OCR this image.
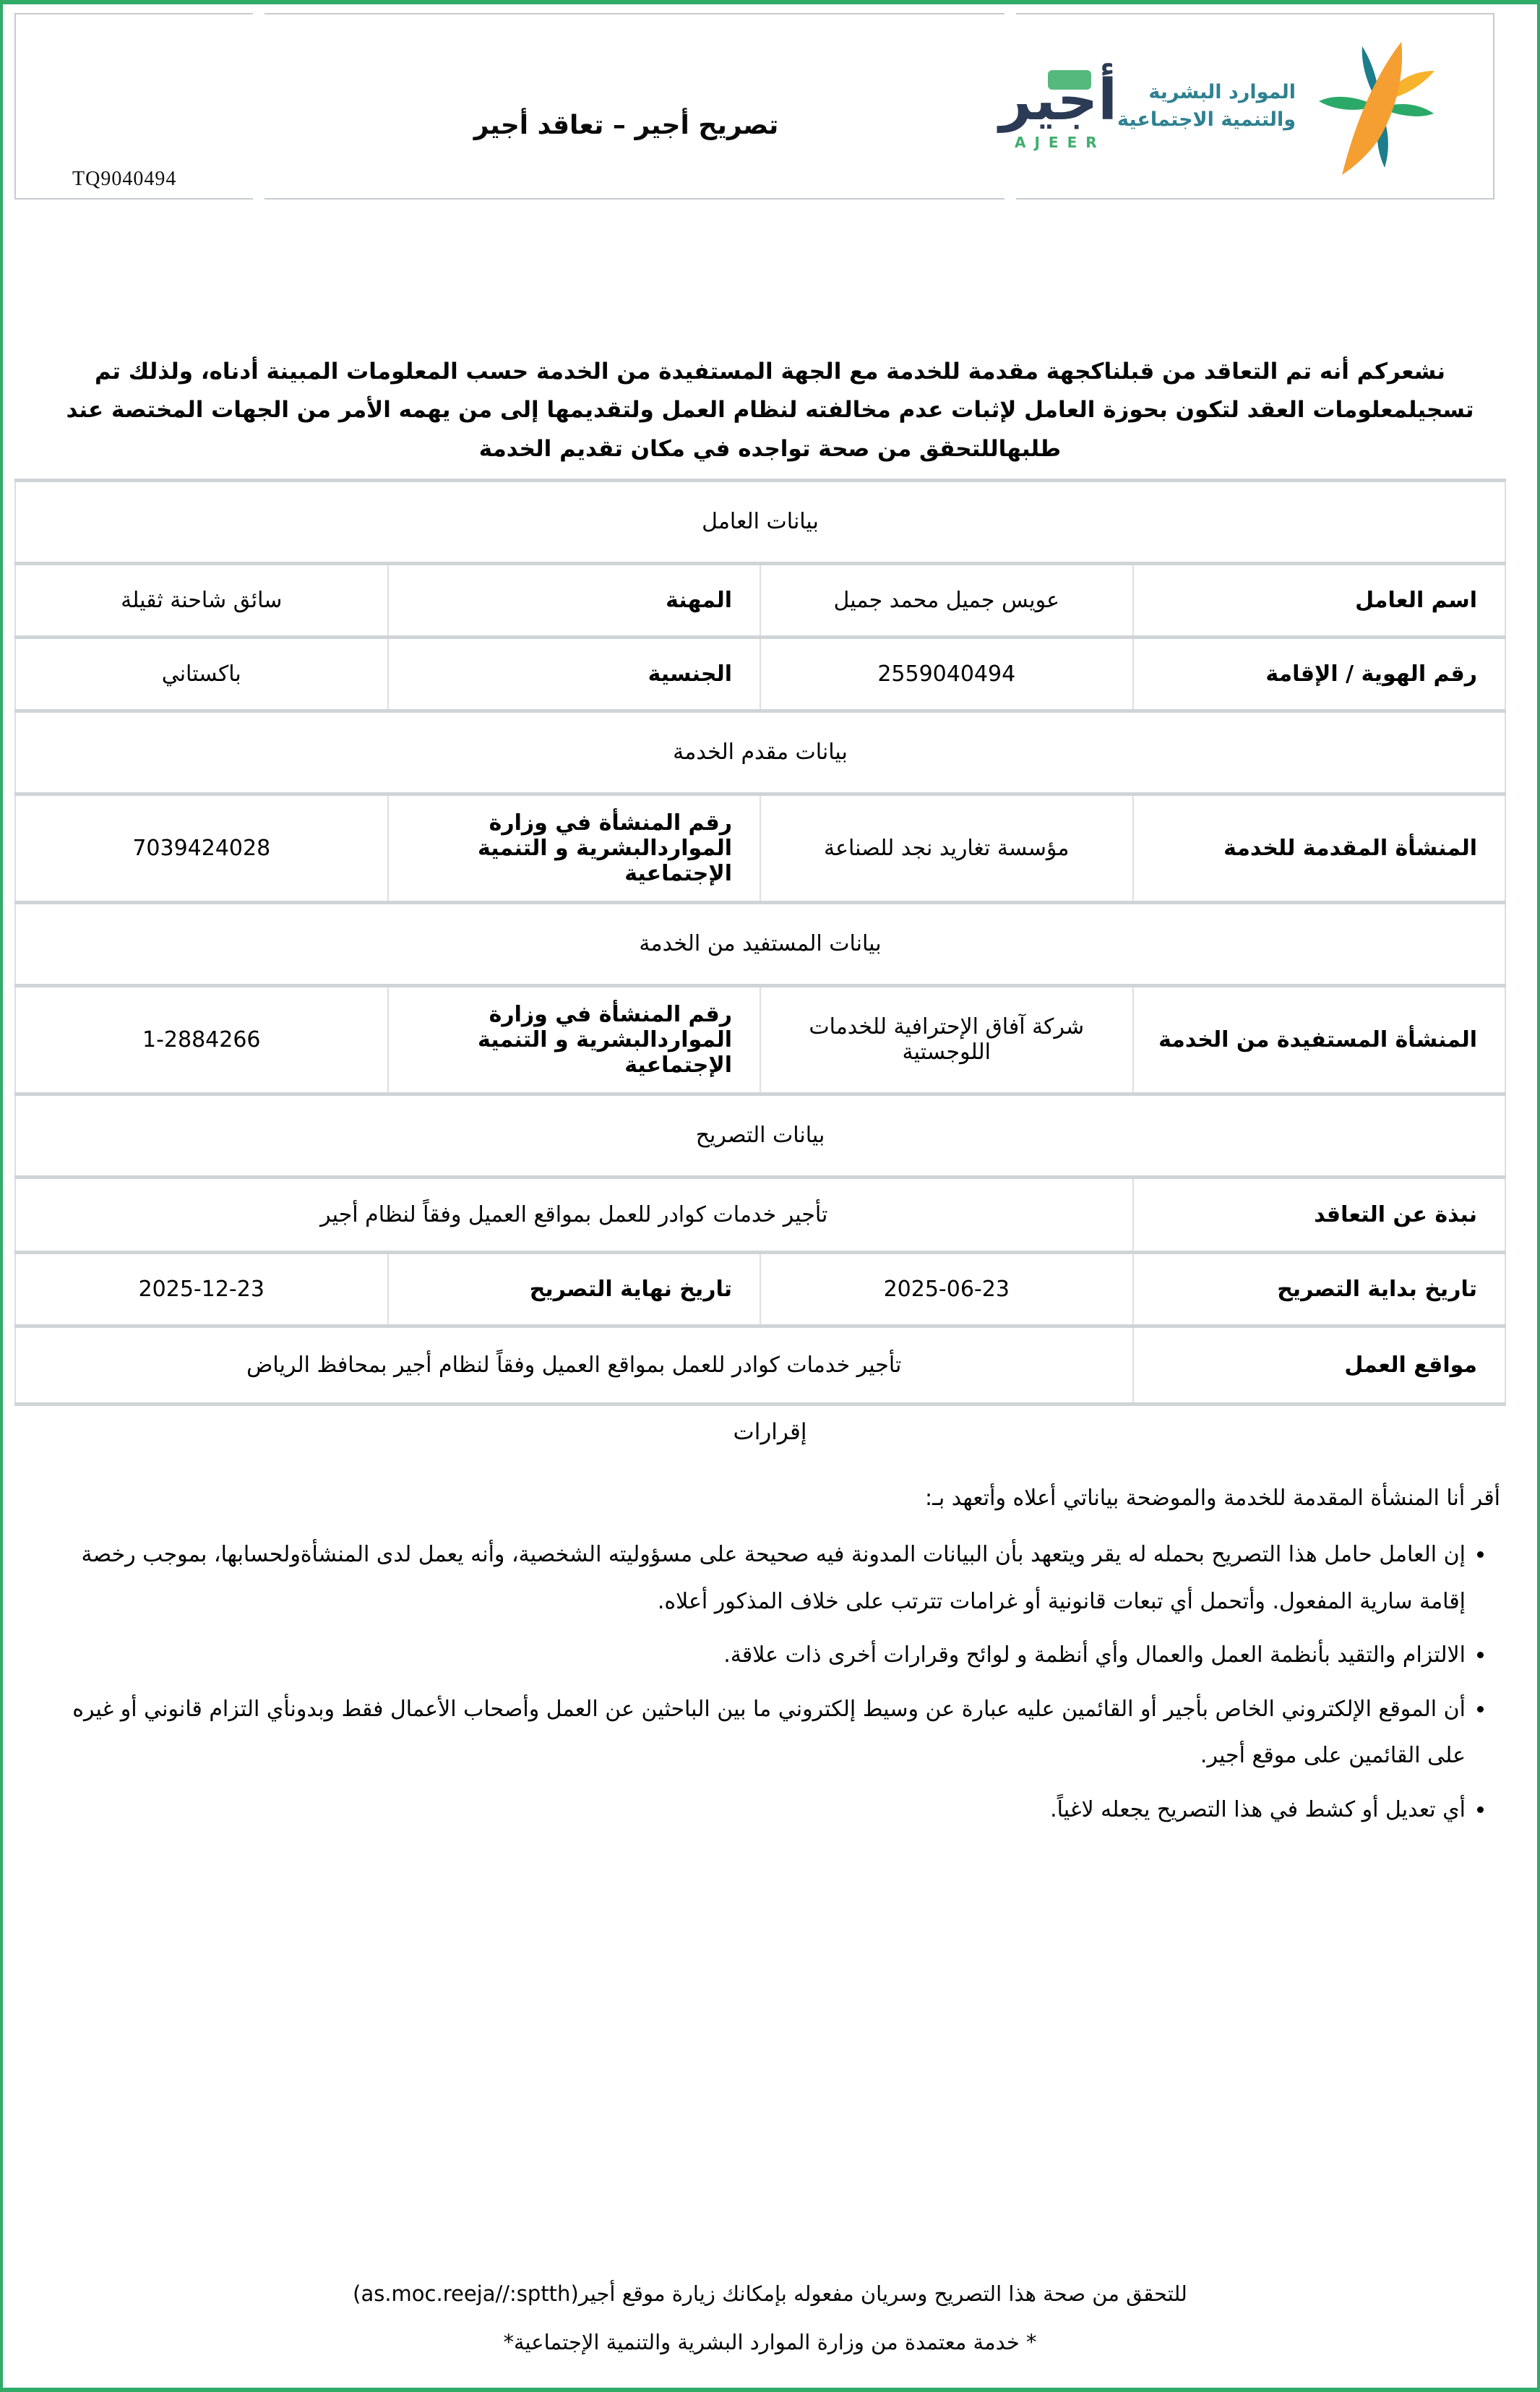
TQ9040494
تصريح أجير – تعاقد أجير	أجير
AJEER
الموارد البشرية
والتنمية الاجتماعية

نشعركم أنه تم التعاقد من قبلناكجهة مقدمة للخدمة مع الجهة المستفيدة من الخدمة حسب المعلومات المبينة أدناه، ولذلك تم تسجيلمعلومات العقد لتكون بحوزة العامل لإثبات عدم مخالفته لنظام العمل ولتقديمها إلى من يهمه الأمر من الجهات المختصة عند طلبهاللتحقق من صحة تواجده في مكان تقديم الخدمة

بيانات العامل			
اسم العامل	عويس جميل محمد جميل	المهنة	سائق شاحنة ثقيلة
رقم الهوية / الإقامة	2559040494	الجنسية	باكستاني
بيانات مقدم الخدمة			
المنشأة المقدمة للخدمة	مؤسسة تغاريد نجد للصناعة	رقم المنشأة في وزارة المواردالبشرية و التنمية الإجتماعية	7039424028
بيانات المستفيد من الخدمة			
المنشأة المستفيدة من الخدمة	شركة آفاق الإحترافية للخدمات اللوجستية	رقم المنشأة في وزارة المواردالبشرية و التنمية الإجتماعية	1-2884266
بيانات التصريح			
نبذة عن التعاقد	تأجير خدمات كوادر للعمل بمواقع العميل وفقاً لنظام أجير		
تاريخ بداية التصريح	2025-06-23	تاريخ نهاية التصريح	2025-12-23
مواقع العمل	تأجير خدمات كوادر للعمل بمواقع العميل وفقاً لنظام أجير بمحافظ الرياض		
إقرارات

أقر أنا المنشأة المقدمة للخدمة والموضحة بياناتي أعلاه وأتعهد بـ:

• إن العامل حامل هذا التصريح بحمله له يقر ويتعهد بأن البيانات المدونة فيه صحيحة على مسؤوليته الشخصية، وأنه يعمل لدى المنشأةولحسابها، بموجب رخصة إقامة سارية المفعول. وأتحمل أي تبعات قانونية أو غرامات تترتب على خلاف المذكور أعلاه.
• الالتزام والتقيد بأنظمة العمل والعمال وأي أنظمة و لوائح وقرارات أخرى ذات علاقة.
• أن الموقع الإلكتروني الخاص بأجير أو القائمين عليه عبارة عن وسيط إلكتروني ما بين الباحثين عن العمل وأصحاب الأعمال فقط وبدونأي التزام قانوني أو غيره على القائمين على موقع أجير.
• أي تعديل أو كشط في هذا التصريح يجعله لاغياً.
للتحقق من صحة هذا التصريح وسريان مفعوله بإمكانك زيارة موقع أجير(as.moc.reeja//:sptth)
* خدمة معتمدة من وزارة الموارد البشرية والتنمية الإجتماعية*
